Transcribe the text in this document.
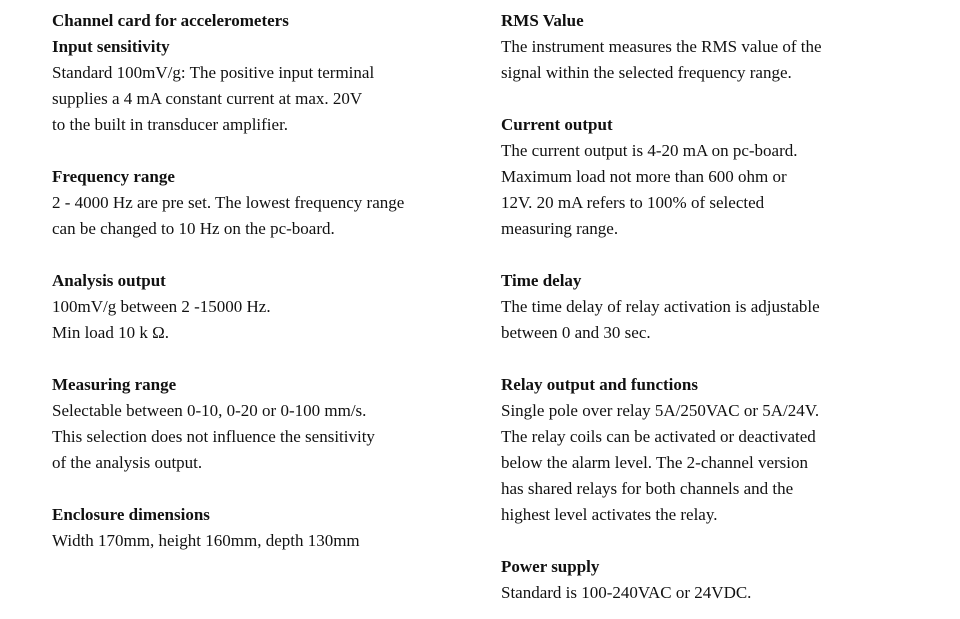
Channel card for accelerometers
Input sensitivity
Standard 100mV/g: The positive input terminal
supplies a 4 mA constant current at max. 20V
to the built in transducer amplifier.
Frequency range
2 - 4000 Hz are pre set. The lowest frequency range
can be changed to 10 Hz on the pc-board.
Analysis output
100mV/g between 2 -15000 Hz.
Min load 10 k Ω.
Measuring range
Selectable between 0-10, 0-20 or 0-100 mm/s.
This selection does not influence the sensitivity
of the analysis output.
Enclosure dimensions
Width 170mm, height 160mm, depth 130mm
RMS Value
The instrument measures the RMS value of the
signal within the selected frequency range.
Current output
The current output is 4-20 mA on pc-board.
Maximum load not more than 600 ohm or
12V. 20 mA refers to 100% of selected
measuring range.
Time delay
The time delay of relay activation is adjustable
between 0 and 30 sec.
Relay output and functions
Single pole over relay 5A/250VAC or 5A/24V.
The relay coils can be activated or deactivated
below the alarm level. The 2-channel version
has shared relays for both channels and the
highest level activates the relay.
Power supply
Standard is 100-240VAC or 24VDC.
